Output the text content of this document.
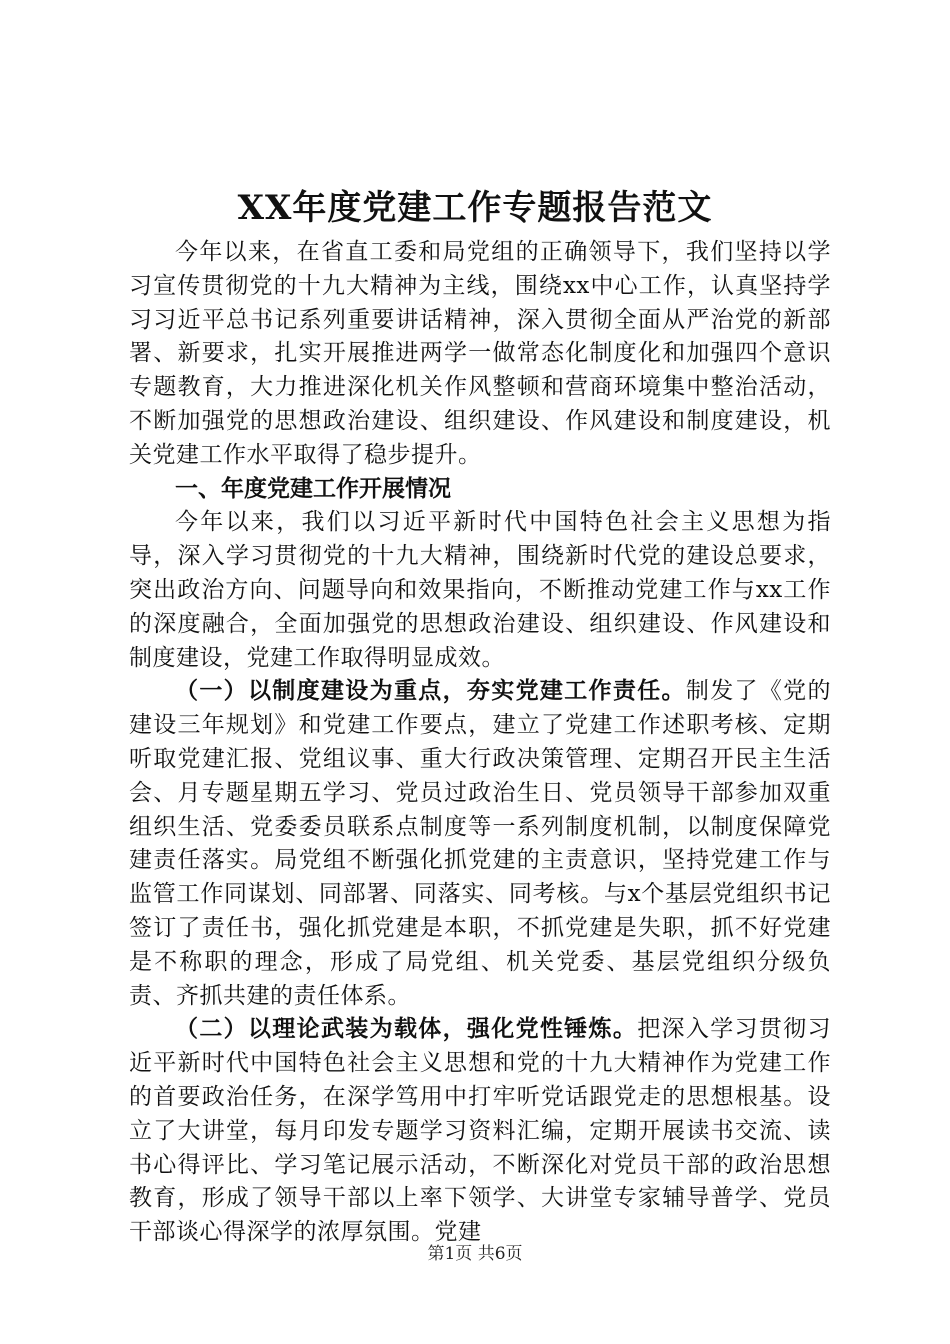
XX年度党建工作专题报告范文

今年以来，在省直工委和局党组的正确领导下，我们坚持以学习宣传贯彻党的十九大精神为主线，围绕xx中心工作，认真坚持学习习近平总书记系列重要讲话精神，深入贯彻全面从严治党的新部署、新要求，扎实开展推进两学一做常态化制度化和加强四个意识专题教育，大力推进深化机关作风整顿和营商环境集中整治活动，不断加强党的思想政治建设、组织建设、作风建设和制度建设，机关党建工作水平取得了稳步提升。

一、年度党建工作开展情况

今年以来，我们以习近平新时代中国特色社会主义思想为指导，深入学习贯彻党的十九大精神，围绕新时代党的建设总要求，突出政治方向、问题导向和效果指向，不断推动党建工作与xx工作的深度融合，全面加强党的思想政治建设、组织建设、作风建设和制度建设，党建工作取得明显成效。

（一）以制度建设为重点，夯实党建工作责任。制发了《党的建设三年规划》和党建工作要点，建立了党建工作述职考核、定期听取党建汇报、党组议事、重大行政决策管理、定期召开民主生活会、月专题星期五学习、党员过政治生日、党员领导干部参加双重组织生活、党委委员联系点制度等一系列制度机制，以制度保障党建责任落实。局党组不断强化抓党建的主责意识，坚持党建工作与监管工作同谋划、同部署、同落实、同考核。与x个基层党组织书记签订了责任书，强化抓党建是本职，不抓党建是失职，抓不好党建是不称职的理念，形成了局党组、机关党委、基层党组织分级负责、齐抓共建的责任体系。

（二）以理论武装为载体，强化党性锤炼。把深入学习贯彻习近平新时代中国特色社会主义思想和党的十九大精神作为党建工作的首要政治任务，在深学笃用中打牢听党话跟党走的思想根基。设立了大讲堂，每月印发专题学习资料汇编，定期开展读书交流、读书心得评比、学习笔记展示活动，不断深化对党员干部的政治思想教育，形成了领导干部以上率下领学、大讲堂专家辅导普学、党员干部谈心得深学的浓厚氛围。党建

第1页 共6页
